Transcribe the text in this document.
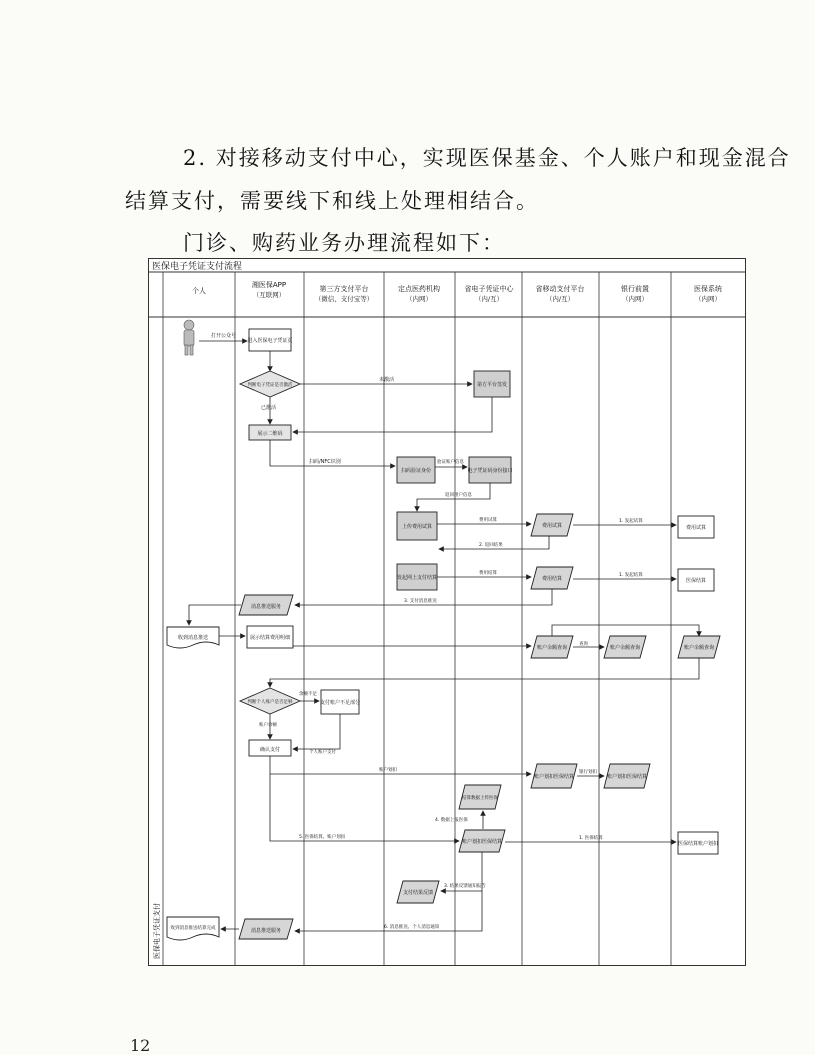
2. 对接移动支付中心，实现医保基金、个人账户和现金混合
结算支付，需要线下和线上处理相结合。
门诊、购药业务办理流程如下：
医保电子凭证支付流程
医保电子凭证支付
个人
湘医保APP
（互联网）
第三方支付平台
（微信、支付宝等）
定点医药机构
（内网）
省电子凭证中心
（内/互）
省移动支付平台
（内/互）
银行前置
（内网）
医保系统
（内网）
打开公众号
进入医保电子凭证页
判断电子凭证是否激活
未激活
第方平台签发
已激活
展示二维码
扫码/NFC识别
扫码验证身份
验证账户信息
电子凭证码身份接口
返回用户信息
上传费用试算
费用试算
费用试算
1. 发起试算
费用试算
2. 返回结果
发起网上支付结算
费用结算
费用结算
1. 发起结算
医保结算
3. 支付消息推送
消息推送服务
收到消息推送	展示结算费用明细
账户余额查询
查询
账户余额查询	账户余额查询
判断个人账户是否足够
余额不足
支付账户不足部分
账户余额
确认支付	个人账户支付
账户划扣
账户划扣医保结算
银行划扣
账户划扣医保结算
结算数据上传医保
4. 数据上报医保
5. 医保结算、账户划扣
账户划扣医保结算
1. 医保结算
医保结算账户划扣
3. 结果反馈通知报告
支付结果反馈
6. 消息推送、个人消息通知
消息推送服务
收到消息推送结算完成
12
